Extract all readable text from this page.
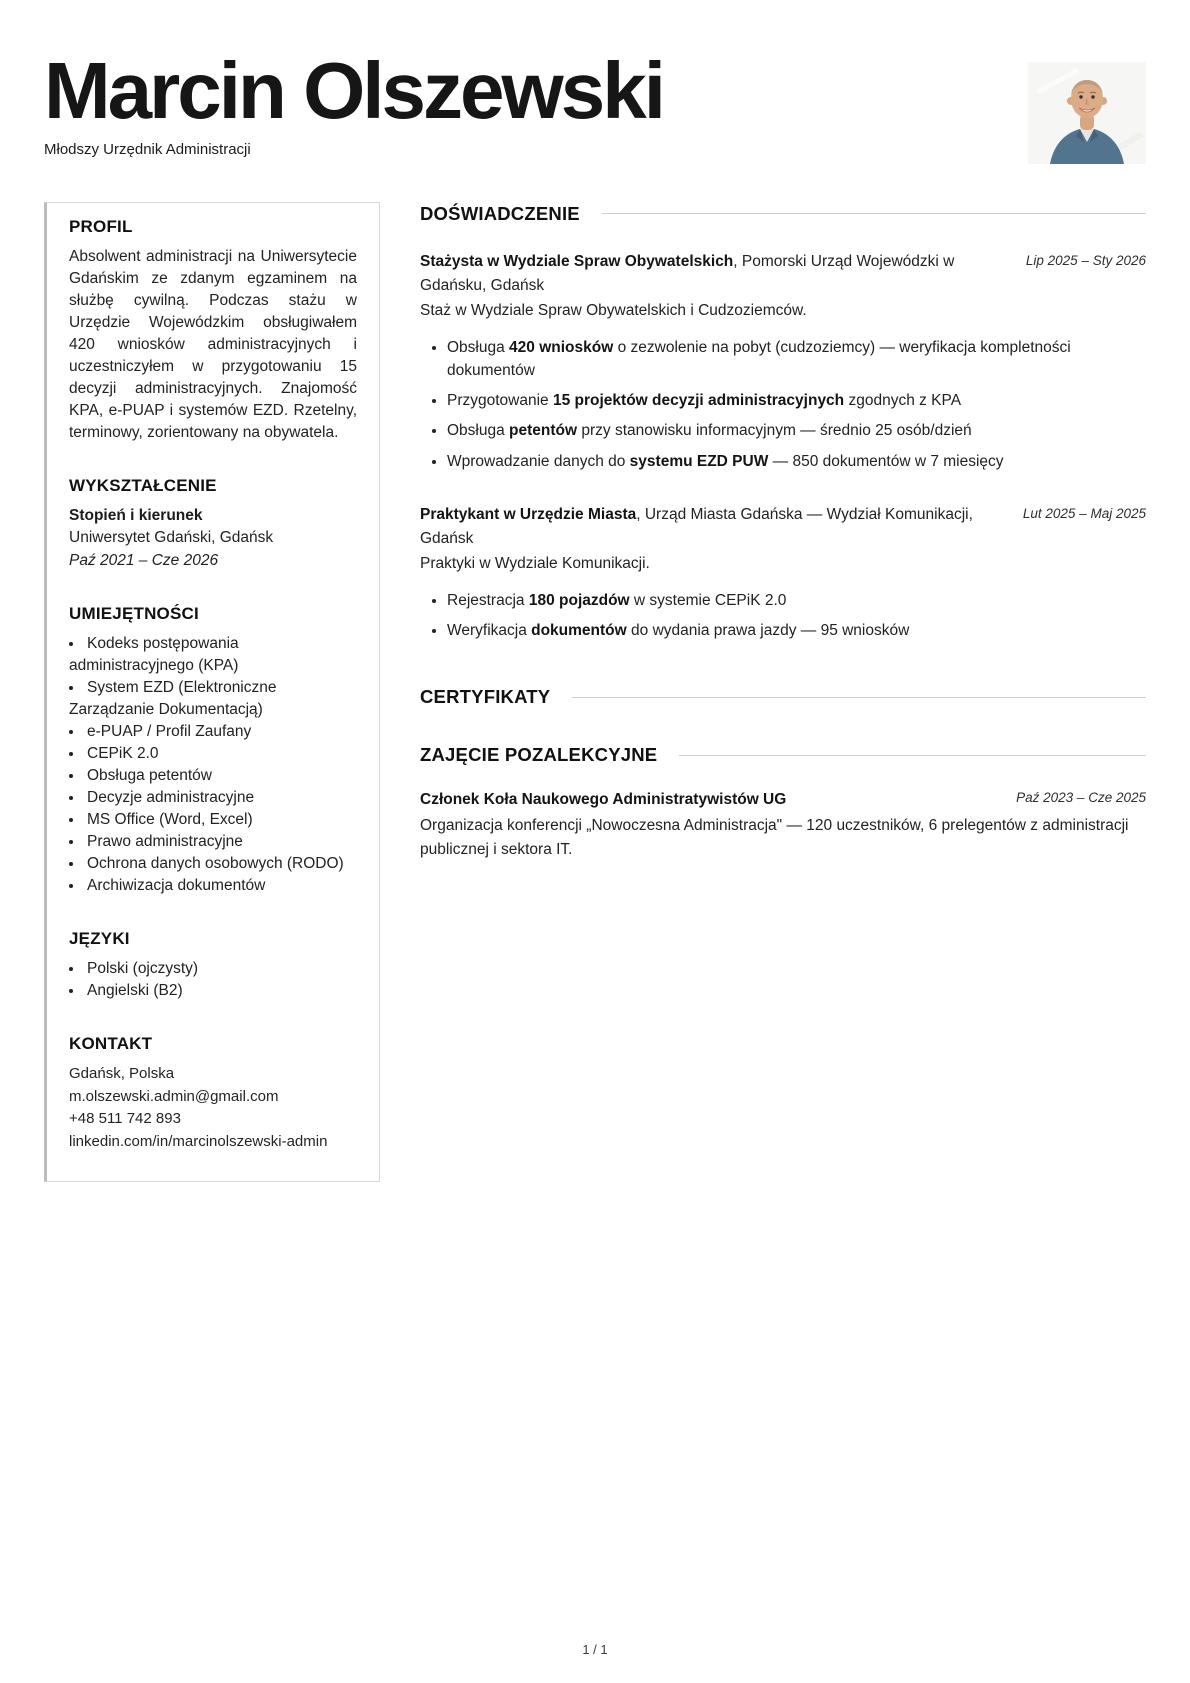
Marcin Olszewski
Młodszy Urzędnik Administracji
PROFIL
Absolwent administracji na Uniwersytecie Gdańskim ze zdanym egzaminem na służbę cywilną. Podczas stażu w Urzędzie Wojewódzkim obsługiwałem 420 wniosków administracyjnych i uczestniczyłem w przygotowaniu 15 decyzji administracyjnych. Znajomość KPA, e-PUAP i systemów EZD. Rzetelny, terminowy, zorientowany na obywatela.
WYKSZTAŁCENIE
Stopień i kierunek
Uniwersytet Gdański, Gdańsk
Paź 2021 – Cze 2026
UMIEJĘTNOŚCI
• Kodeks postępowania administracyjnego (KPA)
• System EZD (Elektroniczne Zarządzanie Dokumentacją)
• e-PUAP / Profil Zaufany
• CEPiK 2.0
• Obsługa petentów
• Decyzje administracyjne
• MS Office (Word, Excel)
• Prawo administracyjne
• Ochrona danych osobowych (RODO)
• Archiwizacja dokumentów
JĘZYKI
• Polski (ojczysty)
• Angielski (B2)
KONTAKT
Gdańsk, Polska
m.olszewski.admin@gmail.com
+48 511 742 893
linkedin.com/in/marcinolszewski-admin
DOŚWIADCZENIE
Stażysta w Wydziale Spraw Obywatelskich, Pomorski Urząd Wojewódzki w Gdańsku, Gdańsk
Lip 2025 – Sty 2026
Staż w Wydziale Spraw Obywatelskich i Cudzoziemców.
• Obsługa 420 wniosków o zezwolenie na pobyt (cudzoziemcy) — weryfikacja kompletności dokumentów
• Przygotowanie 15 projektów decyzji administracyjnych zgodnych z KPA
• Obsługa petentów przy stanowisku informacyjnym — średnio 25 osób/dzień
• Wprowadzanie danych do systemu EZD PUW — 850 dokumentów w 7 miesięcy
Praktykant w Urzędzie Miasta, Urząd Miasta Gdańska — Wydział Komunikacji, Gdańsk
Lut 2025 – Maj 2025
Praktyki w Wydziale Komunikacji.
• Rejestracja 180 pojazdów w systemie CEPiK 2.0
• Weryfikacja dokumentów do wydania prawa jazdy — 95 wniosków
CERTYFIKATY
ZAJĘCIE POZALEKCYJNE
Członek Koła Naukowego Administratywistów UG	Paź 2023 – Cze 2025
Organizacja konferencji „Nowoczesna Administracja" — 120 uczestników, 6 prelegentów z administracji publicznej i sektora IT.
1 / 1
